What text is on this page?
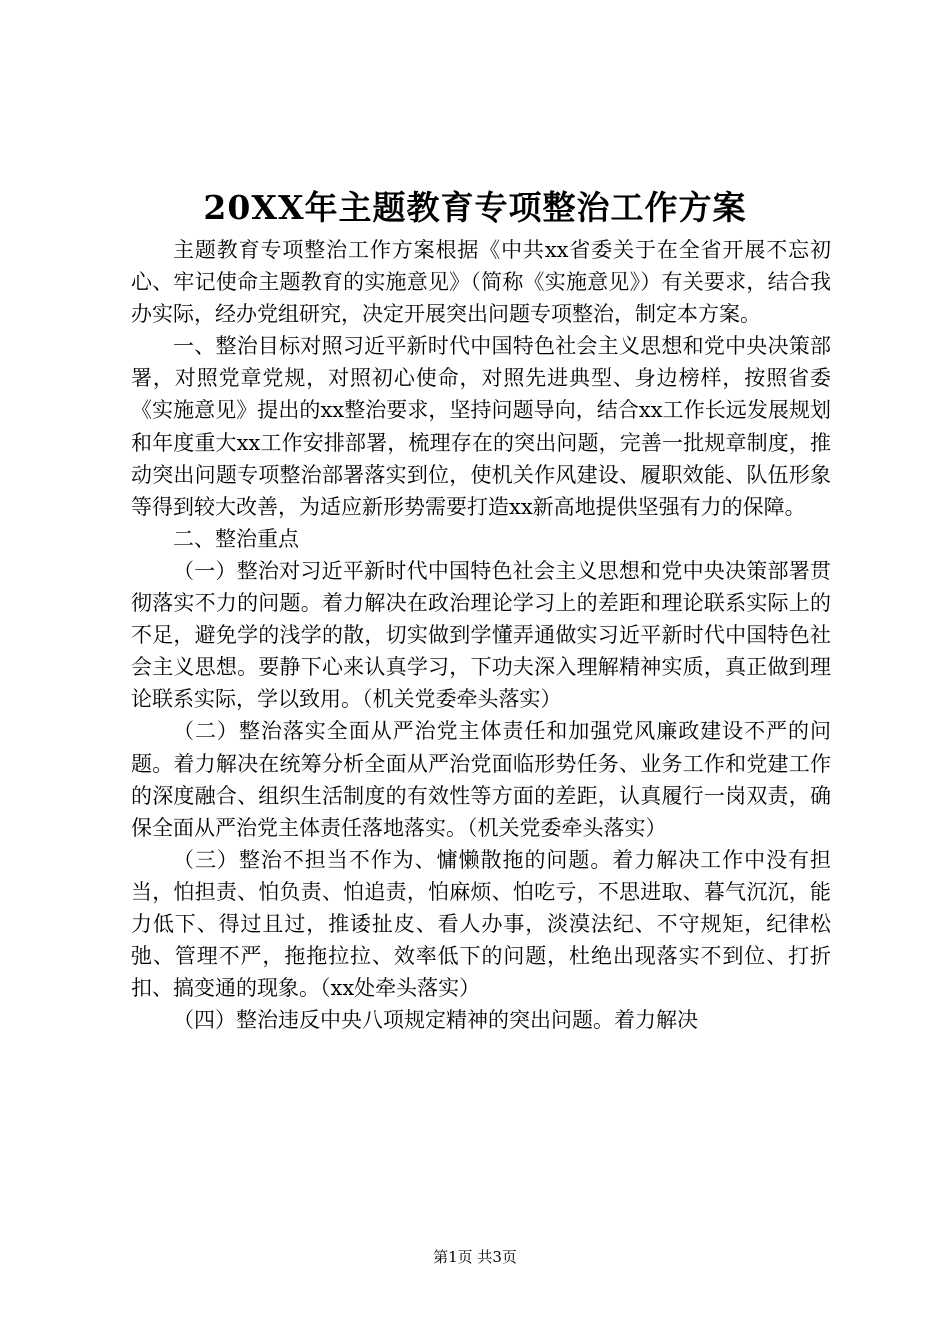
20XX年主题教育专项整治工作方案

主题教育专项整治工作方案根据《中共xx省委关于在全省开展不忘初心、牢记使命主题教育的实施意见》（简称《实施意见》）有关要求，结合我办实际，经办党组研究，决定开展突出问题专项整治，制定本方案。

一、整治目标对照习近平新时代中国特色社会主义思想和党中央决策部署，对照党章党规，对照初心使命，对照先进典型、身边榜样，按照省委《实施意见》提出的xx整治要求，坚持问题导向，结合xx工作长远发展规划和年度重大xx工作安排部署，梳理存在的突出问题，完善一批规章制度，推动突出问题专项整治部署落实到位，使机关作风建设、履职效能、队伍形象等得到较大改善，为适应新形势需要打造xx新高地提供坚强有力的保障。

二、整治重点

（一）整治对习近平新时代中国特色社会主义思想和党中央决策部署贯彻落实不力的问题。着力解决在政治理论学习上的差距和理论联系实际上的不足，避免学的浅学的散，切实做到学懂弄通做实习近平新时代中国特色社会主义思想。要静下心来认真学习，下功夫深入理解精神实质，真正做到理论联系实际，学以致用。（机关党委牵头落实）

（二）整治落实全面从严治党主体责任和加强党风廉政建设不严的问题。着力解决在统筹分析全面从严治党面临形势任务、业务工作和党建工作的深度融合、组织生活制度的有效性等方面的差距，认真履行一岗双责，确保全面从严治党主体责任落地落实。（机关党委牵头落实）

（三）整治不担当不作为、慵懒散拖的问题。着力解决工作中没有担当，怕担责、怕负责、怕追责，怕麻烦、怕吃亏，不思进取、暮气沉沉，能力低下、得过且过，推诿扯皮、看人办事，淡漠法纪、不守规矩，纪律松弛、管理不严，拖拖拉拉、效率低下的问题，杜绝出现落实不到位、打折扣、搞变通的现象。（xx处牵头落实）

（四）整治违反中央八项规定精神的突出问题。着力解决

第1页 共3页
